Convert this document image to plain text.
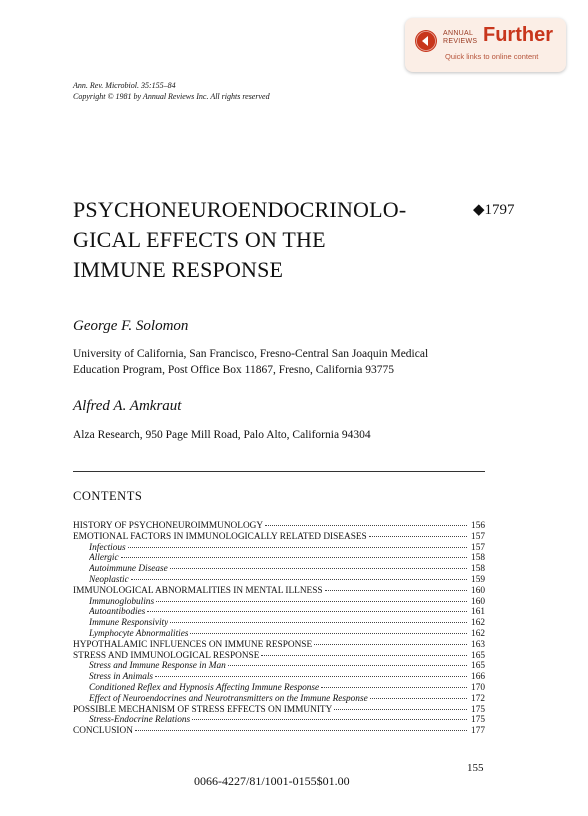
ANNUAL
REVIEWS Further
Quick links to online content
Ann. Rev. Microbiol. 35:155–84
Copyright © 1981 by Annual Reviews Inc. All rights reserved
PSYCHONEUROENDOCRINOLO-
GICAL EFFECTS ON THE
IMMUNE RESPONSE
◆1797
George F. Solomon
University of California, San Francisco, Fresno-Central San Joaquin Medical
Education Program, Post Office Box 11867, Fresno, California 93775
Alfred A. Amkraut
Alza Research, 950 Page Mill Road, Palo Alto, California 94304
CONTENTS
HISTORY OF PSYCHONEUROIMMUNOLOGY	156
EMOTIONAL FACTORS IN IMMUNOLOGICALLY RELATED DISEASES	157
Infectious	157
Allergic	158
Autoimmune Disease	158
Neoplastic	159
IMMUNOLOGICAL ABNORMALITIES IN MENTAL ILLNESS	160
Immunoglobulins	160
Autoantibodies	161
Immune Responsivity	162
Lymphocyte Abnormalities	162
HYPOTHALAMIC INFLUENCES ON IMMUNE RESPONSE	163
STRESS AND IMMUNOLOGICAL RESPONSE	165
Stress and Immune Response in Man	165
Stress in Animals	166
Conditioned Reflex and Hypnosis Affecting Immune Response	170
Effect of Neuroendocrines and Neurotransmitters on the Immune Response	172
POSSIBLE MECHANISM OF STRESS EFFECTS ON IMMUNITY	175
Stress-Endocrine Relations	175
CONCLUSION	177
155
0066-4227/81/1001-0155$01.00
